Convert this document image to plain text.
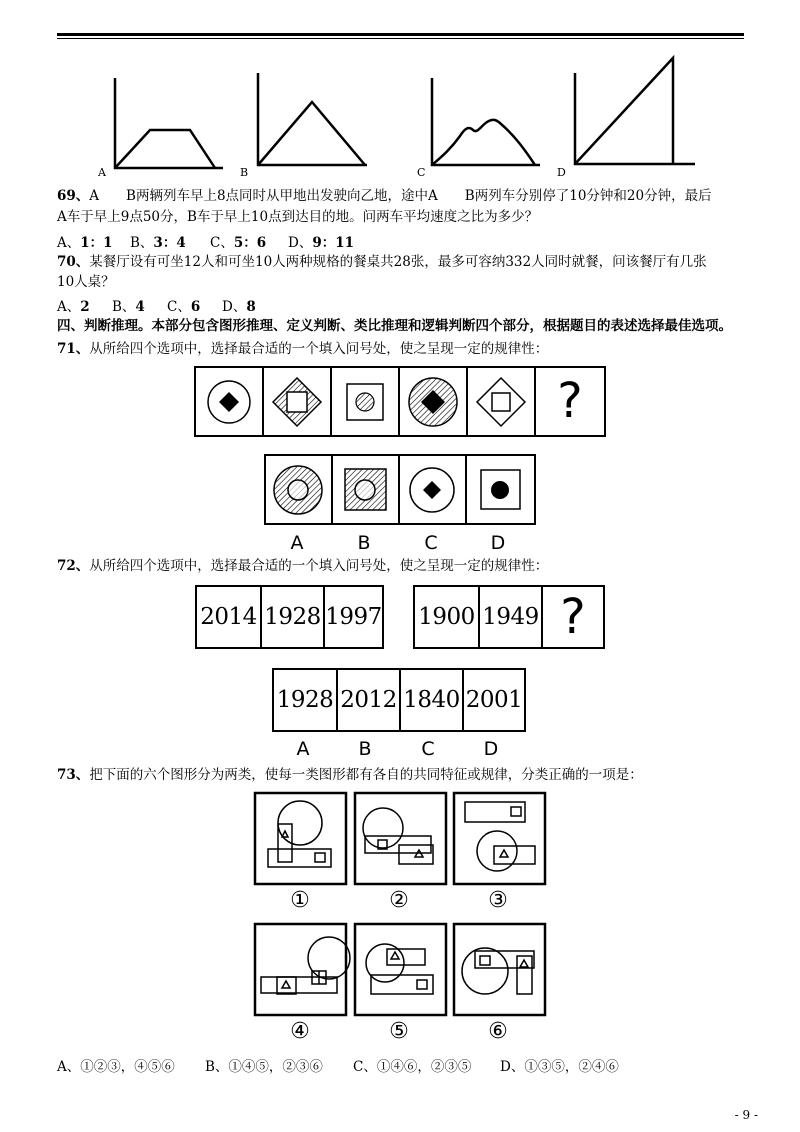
A	B	C	D
69、A　　B两辆列车早上8点同时从甲地出发驶向乙地，途中A　　B两列车分别停了10分钟和20分钟，最后
A车于早上9点50分，B车于早上10点到达目的地。问两车平均速度之比为多少？
A、1：1 B、3：4 C、5：6 D、9：11
70、某餐厅设有可坐12人和可坐10人两种规格的餐桌共28张，最多可容纳332人同时就餐，问该餐厅有几张
10人桌？
A、2 B、4 C、6 D、8
四、判断推理。本部分包含图形推理、定义判断、类比推理和逻辑判断四个部分，根据题目的表述选择最佳选项。
71、从所给四个选项中，选择最合适的一个填入问号处，使之呈现一定的规律性：
?
A	B	C	D
72、从所给四个选项中，选择最合适的一个填入问号处，使之呈现一定的规律性：
2014 1928 1997 1900 1949 ?
1928 2012 1840 2001
A	B	C	D
73、把下面的六个图形分为两类，使每一类图形都有各自的共同特征或规律，分类正确的一项是：
①	②	③
④	⑤	⑥
A、①②③，④⑤⑥ B、①④⑤，②③⑥ C、①④⑥，②③⑤ D、①③⑤，②④⑥
- 9 -
